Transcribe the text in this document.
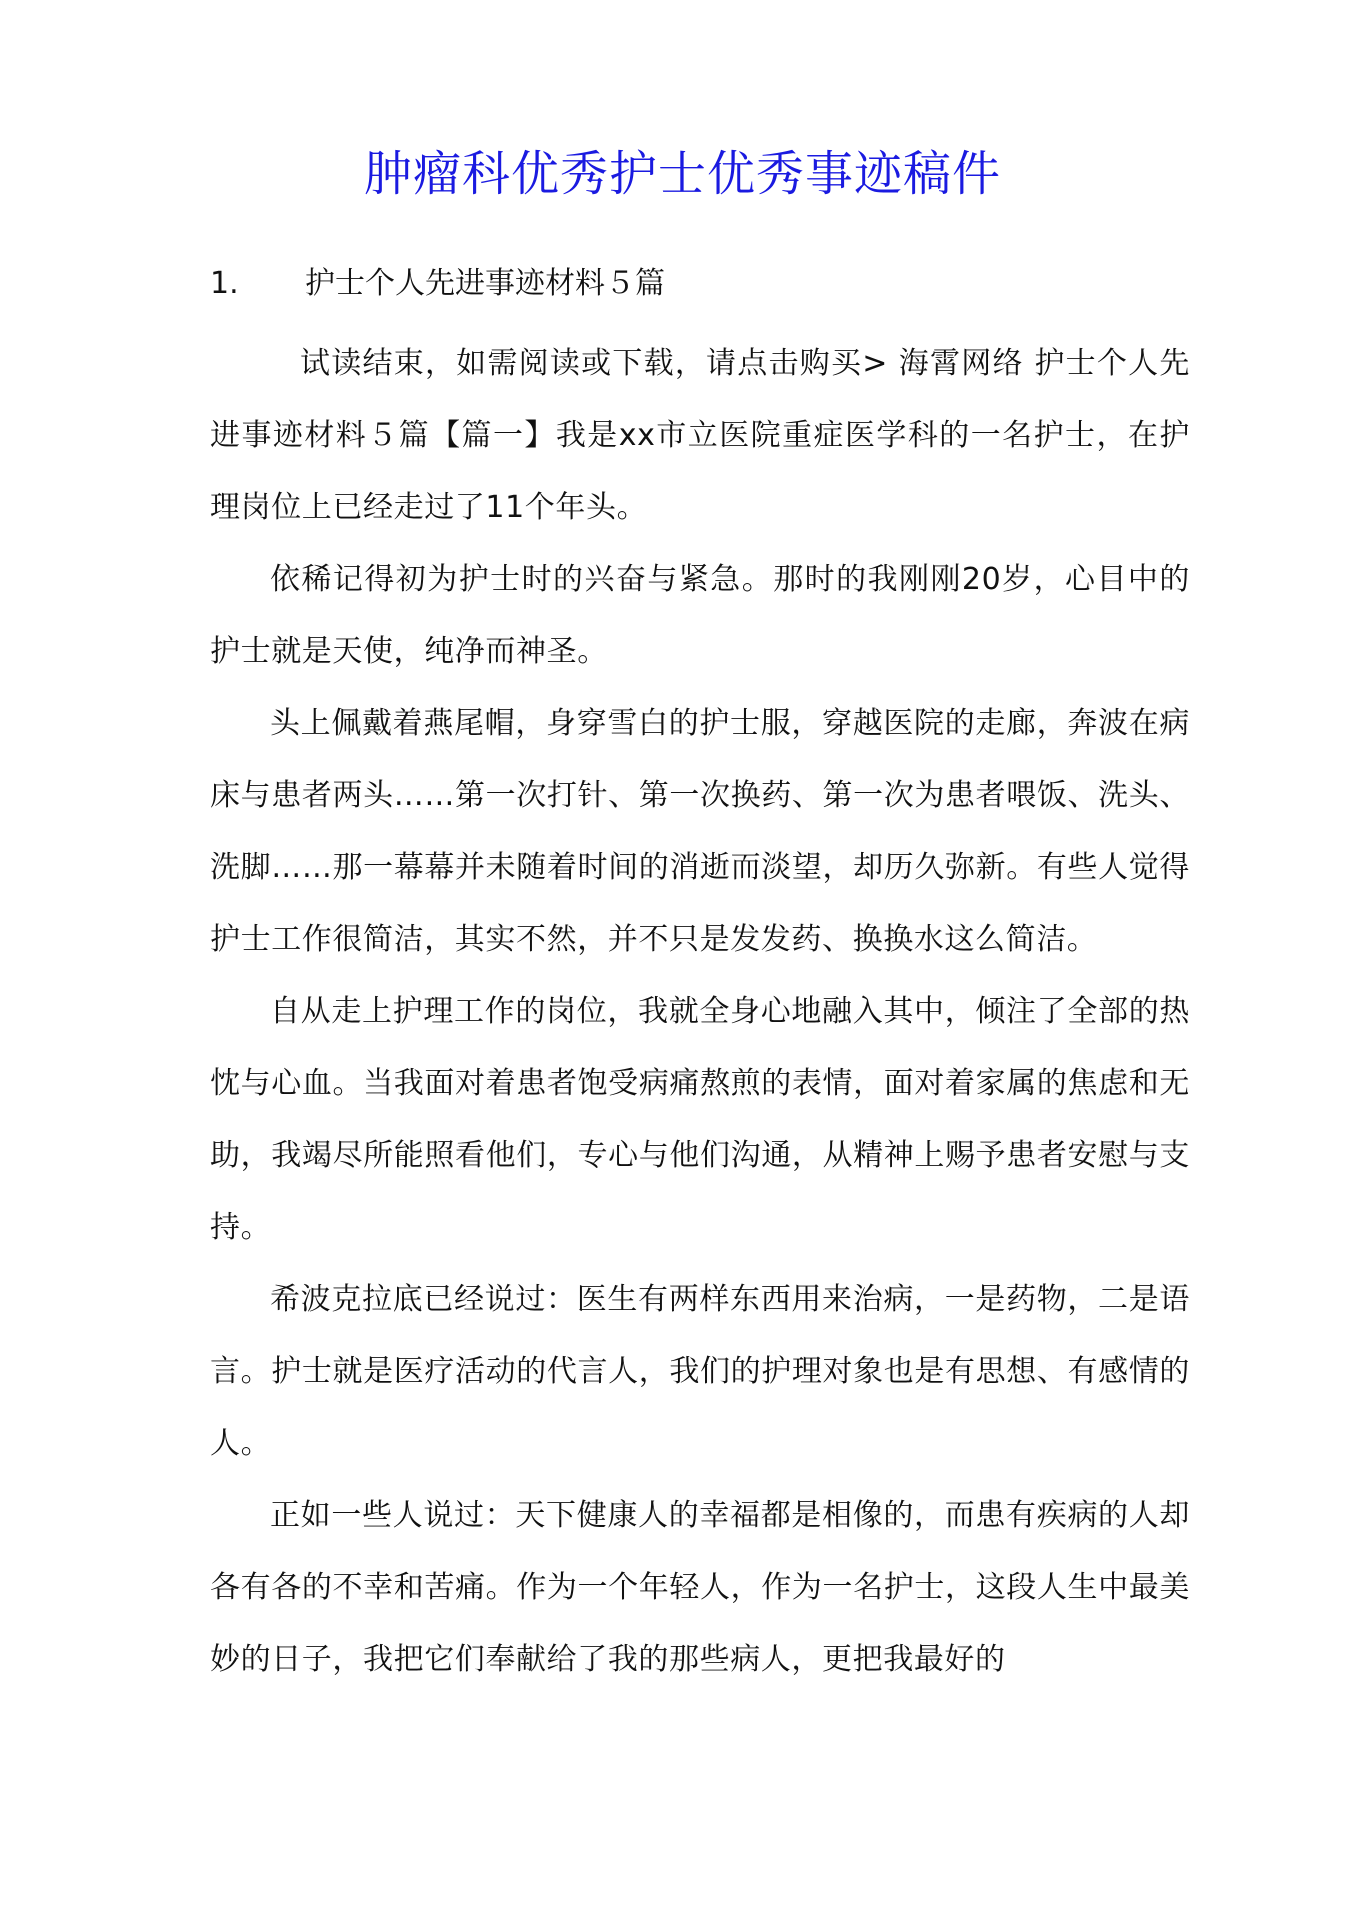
肿瘤科优秀护士优秀事迹稿件
1. 护士个人先进事迹材料５篇

试读结束，如需阅读或下载，请点击购买> 海霄网络 护士个人先进事迹材料５篇【篇一】我是xx市立医院重症医学科的一名护士，在护理岗位上已经走过了11个年头。

依稀记得初为护士时的兴奋与紧急。那时的我刚刚20岁，心目中的护士就是天使，纯净而神圣。

头上佩戴着燕尾帽，身穿雪白的护士服，穿越医院的走廊，奔波在病床与患者两头……第一次打针、第一次换药、第一次为患者喂饭、洗头、洗脚……那一幕幕并未随着时间的消逝而淡望，却历久弥新。有些人觉得护士工作很简洁，其实不然，并不只是发发药、换换水这么简洁。

自从走上护理工作的岗位，我就全身心地融入其中，倾注了全部的热忱与心血。当我面对着患者饱受病痛熬煎的表情，面对着家属的焦虑和无助，我竭尽所能照看他们，专心与他们沟通，从精神上赐予患者安慰与支持。

希波克拉底已经说过：医生有两样东西用来治病，一是药物，二是语言。护士就是医疗活动的代言人，我们的护理对象也是有思想、有感情的人。

正如一些人说过：天下健康人的幸福都是相像的，而患有疾病的人却各有各的不幸和苦痛。作为一个年轻人，作为一名护士，这段人生中最美妙的日子，我把它们奉献给了我的那些病人，更把我最好的
